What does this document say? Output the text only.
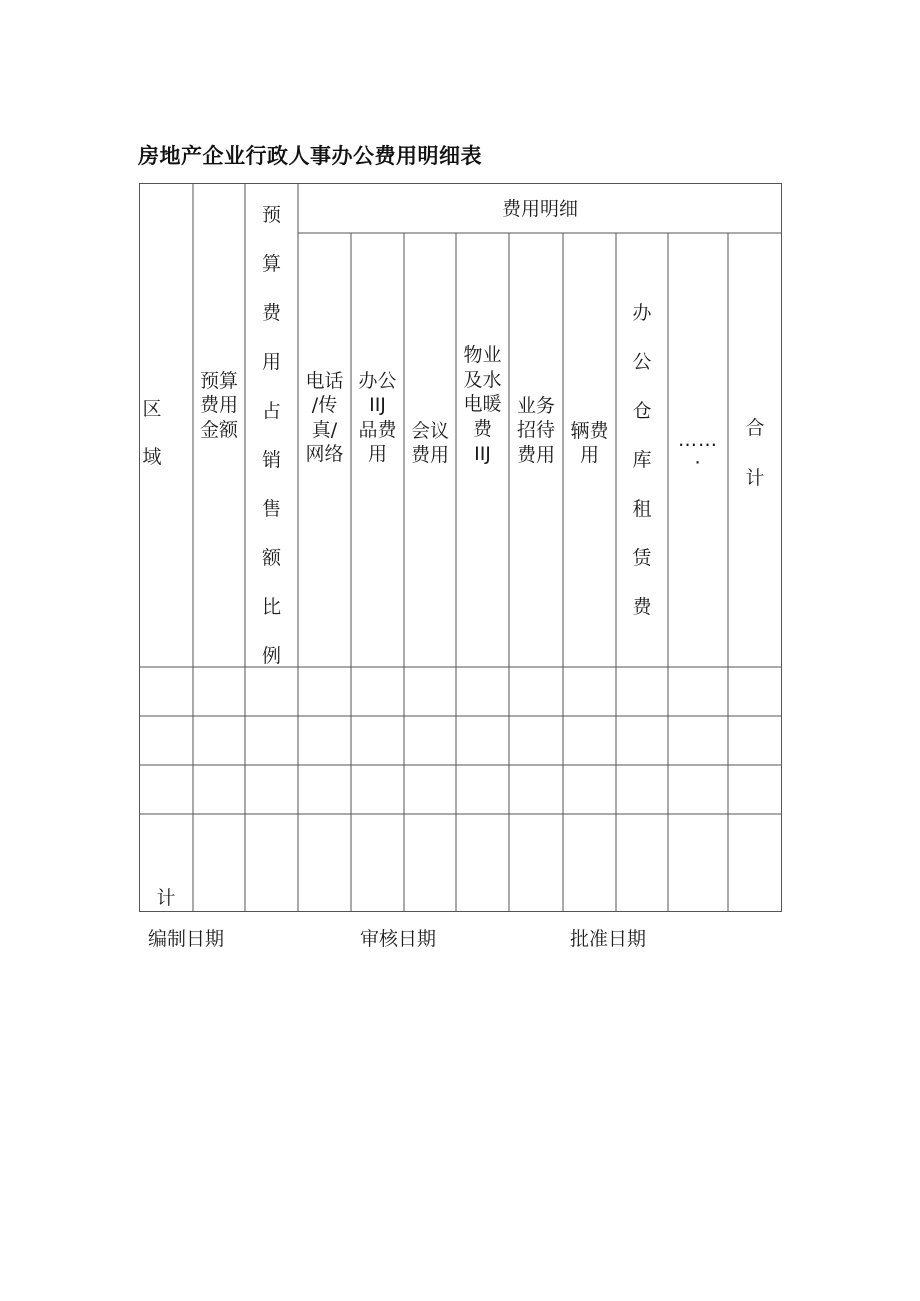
房地产企业行政人事办公费用明细表
区
域
预算
费用
金额
预
算
费
用
占
销
售
额
比
例
费用明细
电话
/传
真/
网络
办公
IIJ
品费
用
会议
费用
物业
及水
电暖
费
IIJ
业务
招待
费用
辆费
用
办
公
仓
库
租
赁
费
……
·
合
计
计
编制日期	审核日期	批准日期
